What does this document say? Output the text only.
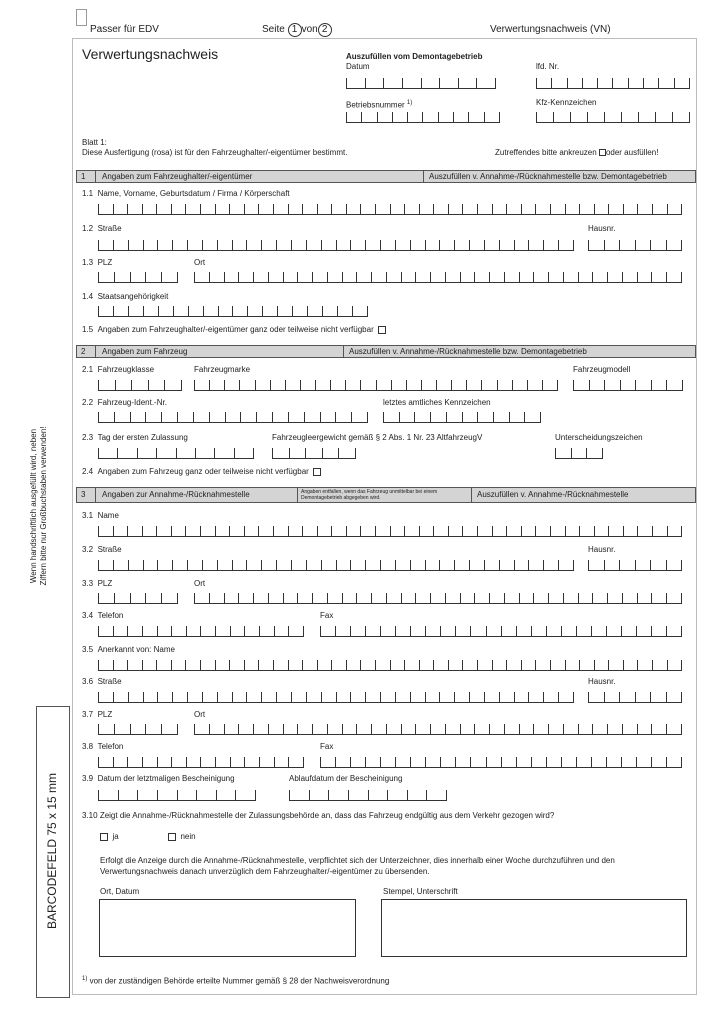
Passer für EDV	Seite 1 von 2	Verwertungsnachweis (VN)
Verwertungsnachweis	Auszufüllen vom Demontagebetrieb
Datum	lfd. Nr.
Betriebsnummer $^{1)}$	Kfz-Kennzeichen
Blatt 1:
Diese Ausfertigung (rosa) ist für den Fahrzeughalter/-eigentümer bestimmt.	Zutreffendes bitte ankreuzen oder ausfüllen!
1 Angaben zum Fahrzeughalter/-eigentümer	Auszufüllen v. Annahme-/Rücknahmestelle bzw. Demontagebetrieb
1.1 Name, Vorname, Geburtsdatum / Firma / Körperschaft
1.2 Straße	Hausnr.
1.3 PLZ	Ort
1.4 Staatsangehörigkeit
1.5 Angaben zum Fahrzeughalter/-eigentümer ganz oder teilweise nicht verfügbar
2 Angaben zum Fahrzeug	Auszufüllen v. Annahme-/Rücknahmestelle bzw. Demontagebetrieb
2.1 Fahrzeugklasse	Fahrzeugmarke	Fahrzeugmodell
2.2 Fahrzeug-Ident.-Nr.	letztes amtliches Kennzeichen
2.3 Tag der ersten Zulassung	Fahrzeugleergewicht gemäß § 2 Abs. 1 Nr. 23 AltfahrzeugV	Unterscheidungszeichen
2.4 Angaben zum Fahrzeug ganz oder teilweise nicht verfügbar
3 Angaben zur Annahme-/Rücknahmestelle	Angaben entfallen, wenn das Fahrzeug unmittelbar bei einem Demontagebetrieb abgegeben wird.	Auszufüllen v. Annahme-/Rücknahmestelle
3.1 Name
3.2 Straße	Hausnr.
3.3 PLZ	Ort
3.4 Telefon	Fax
3.5 Anerkannt von: Name
3.6 Straße	Hausnr.
3.7 PLZ	Ort
3.8 Telefon	Fax
3.9 Datum der letztmaligen Bescheinigung	Ablaufdatum der Bescheinigung
3.10 Zeigt die Annahme-/Rücknahmestelle der Zulassungsbehörde an, dass das Fahrzeug endgültig aus dem Verkehr gezogen wird?
ja	nein
Erfolgt die Anzeige durch die Annahme-/Rücknahmestelle, verpflichtet sich der Unterzeichner, dies innerhalb einer Woche durchzuführen und den Verwertungsnachweis danach unverzüglich dem Fahrzeughalter/-eigentümer zu übersenden.
Ort, Datum	Stempel, Unterschrift
$^{1)}$ von der zuständigen Behörde erteilte Nummer gemäß § 28 der Nachweisverordnung
Wenn handschriftlich ausgefüllt wird, neben Ziffern bitte nur Großbuchstaben verwenden!
BARCODEFELD 75 x 15 mm
